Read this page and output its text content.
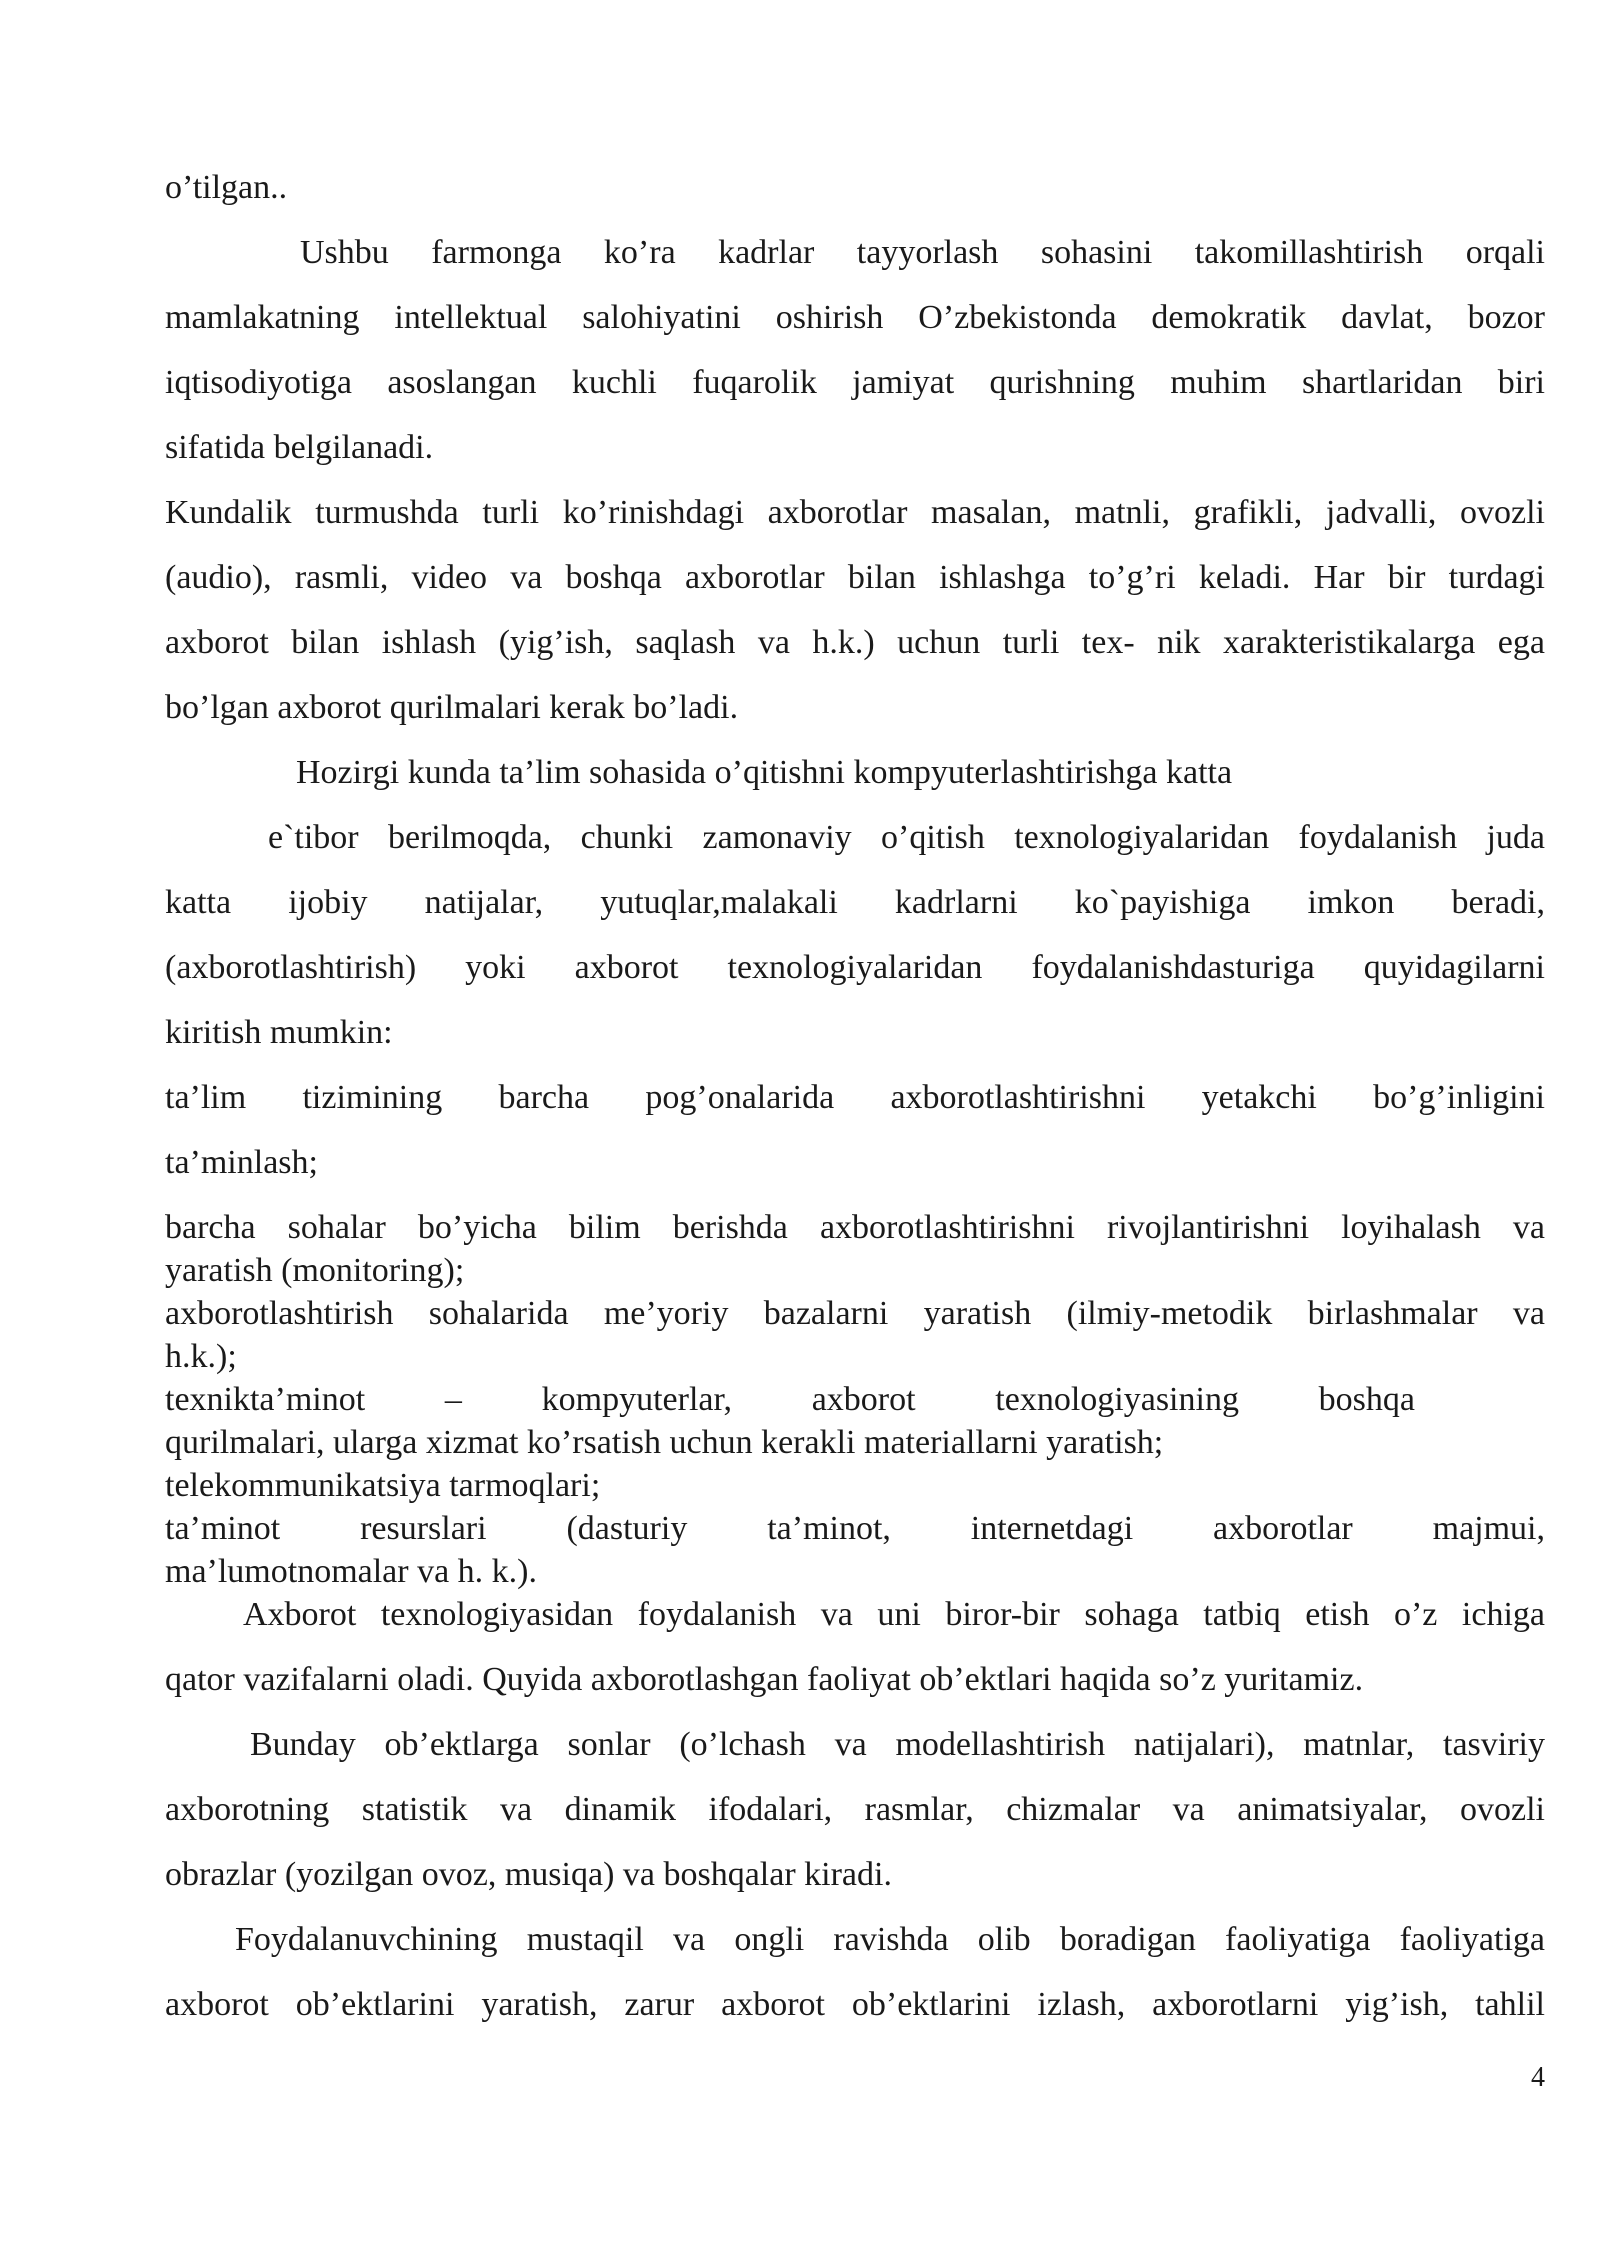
o’tilgan..

Ushbu farmonga ko’ra kadrlar tayyorlash sohasini takomillashtirish orqali

mamlakatning intellektual salohiyatini oshirish O’zbekistonda demokratik davlat, bozor

iqtisodiyotiga asoslangan kuchli fuqarolik jamiyat qurishning muhim shartlaridan biri

sifatida belgilanadi.

Kundalik turmushda turli ko’rinishdagi axborotlar masalan, matnli, grafikli, jadvalli, ovozli

(audio), rasmli, video va boshqa axborotlar bilan ishlashga to’g’ri keladi. Har bir turdagi

axborot bilan ishlash (yig’ish, saqlash va h.k.) uchun turli tex- nik xarakteristikalarga ega

bo’lgan axborot qurilmalari kerak bo’ladi.

Hozirgi kunda ta’lim sohasida o’qitishni kompyuterlashtirishga katta

e`tibor berilmoqda, chunki zamonaviy o’qitish texnologiyalaridan foydalanish juda

katta ijobiy natijalar, yutuqlar,malakali kadrlarni ko`payishiga imkon beradi,

(axborotlashtirish) yoki axborot texnologiyalaridan foydalanishdasturiga quyidagilarni

kiritish mumkin:

ta’lim tizimining barcha pog’onalarida axborotlashtirishni yetakchi bo’g’inligini

ta’minlash;

barcha sohalar bo’yicha bilim berishda axborotlashtirishni rivojlantirishni loyihalash va

yaratish (monitoring);

axborotlashtirish sohalarida me’yoriy bazalarni yaratish (ilmiy-metodik birlashmalar va

h.k.);

texnikta’minot – kompyuterlar, axborot texnologiyasining boshqa

qurilmalari, ularga xizmat ko’rsatish uchun kerakli materiallarni yaratish;

telekommunikatsiya tarmoqlari;

ta’minot resurslari (dasturiy ta’minot, internetdagi axborotlar majmui,

ma’lumotnomalar va h. k.).

Axborot texnologiyasidan foydalanish va uni biror-bir sohaga tatbiq etish o’z ichiga

qator vazifalarni oladi. Quyida axborotlashgan faoliyat ob’ektlari haqida so’z yuritamiz.

Bunday ob’ektlarga sonlar (o’lchash va modellashtirish natijalari), matnlar, tasviriy

axborotning statistik va dinamik ifodalari, rasmlar, chizmalar va animatsiyalar, ovozli

obrazlar (yozilgan ovoz, musiqa) va boshqalar kiradi.

Foydalanuvchining mustaqil va ongli ravishda olib boradigan faoliyatiga faoliyatiga

axborot ob’ektlarini yaratish, zarur axborot ob’ektlarini izlash, axborotlarni yig’ish, tahlil

4
